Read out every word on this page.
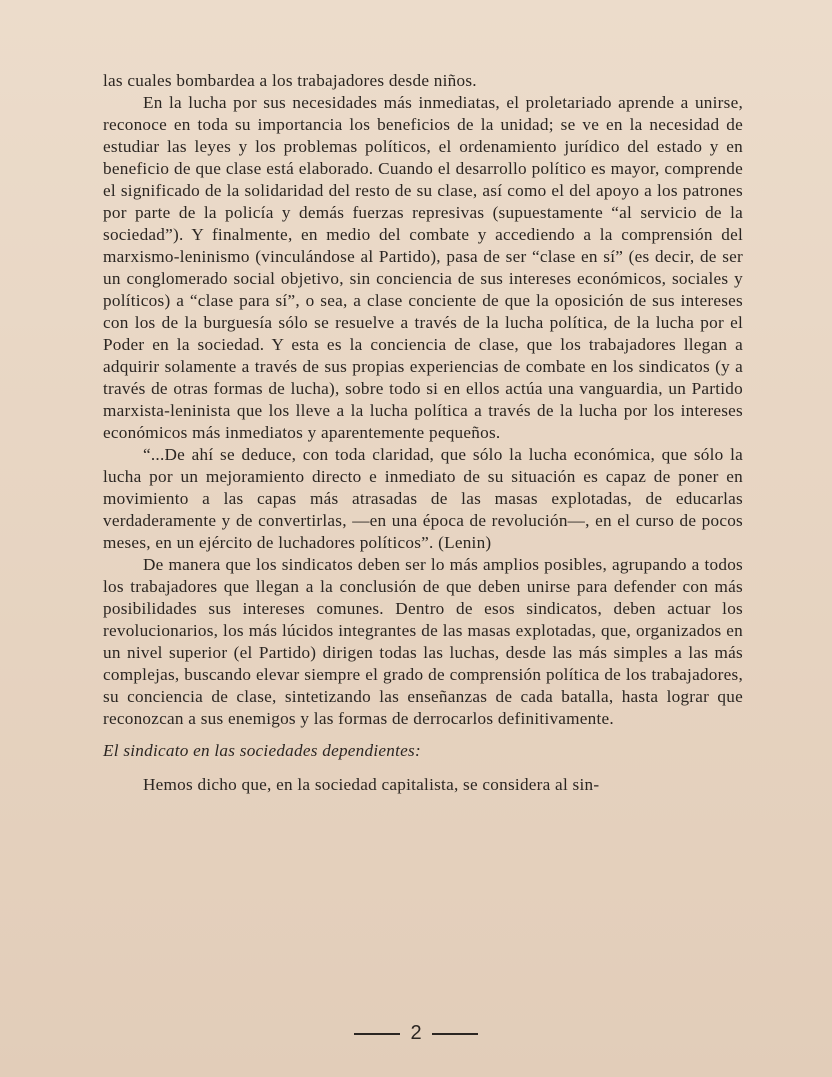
las cuales bombardea a los trabajadores desde niños.

En la lucha por sus necesidades más inmediatas, el proletariado aprende a unirse, reconoce en toda su importancia los beneficios de la unidad; se ve en la necesidad de estudiar las leyes y los problemas políticos, el ordenamiento jurídico del estado y en beneficio de que clase está elaborado. Cuando el desarrollo político es mayor, comprende el significado de la solidaridad del resto de su clase, así como el del apoyo a los patrones por parte de la policía y demás fuerzas represivas (supuestamente “al servicio de la sociedad”). Y finalmente, en medio del combate y accediendo a la comprensión del marxismo-leninismo (vinculándose al Partido), pasa de ser “clase en sí” (es decir, de ser un conglomerado social objetivo, sin conciencia de sus intereses económicos, sociales y políticos) a “clase para sí”, o sea, a clase conciente de que la oposición de sus intereses con los de la burguesía sólo se resuelve a través de la lucha política, de la lucha por el Poder en la sociedad. Y esta es la conciencia de clase, que los trabajadores llegan a adquirir solamente a través de sus propias experiencias de combate en los sindicatos (y a través de otras formas de lucha), sobre todo si en ellos actúa una vanguardia, un Partido marxista-leninista que los lleve a la lucha política a través de la lucha por los intereses económicos más inmediatos y aparentemente pequeños.

“...De ahí se deduce, con toda claridad, que sólo la lucha económica, que sólo la lucha por un mejoramiento directo e inmediato de su situación es capaz de poner en movimiento a las capas más atrasadas de las masas explotadas, de educarlas verdaderamente y de convertirlas, —en una época de revolución—, en el curso de pocos meses, en un ejército de luchadores políticos”. (Lenin)

De manera que los sindicatos deben ser lo más amplios posibles, agrupando a todos los trabajadores que llegan a la conclusión de que deben unirse para defender con más posibilidades sus intereses comunes. Dentro de esos sindicatos, deben actuar los revolucionarios, los más lúcidos integrantes de las masas explotadas, que, organizados en un nivel superior (el Partido) dirigen todas las luchas, desde las más simples a las más complejas, buscando elevar siempre el grado de comprensión política de los trabajadores, su conciencia de clase, sintetizando las enseñanzas de cada batalla, hasta lograr que reconozcan a sus enemigos y las formas de derrocarlos definitivamente.

El sindicato en las sociedades dependientes:

Hemos dicho que, en la sociedad capitalista, se considera al sin-

2
